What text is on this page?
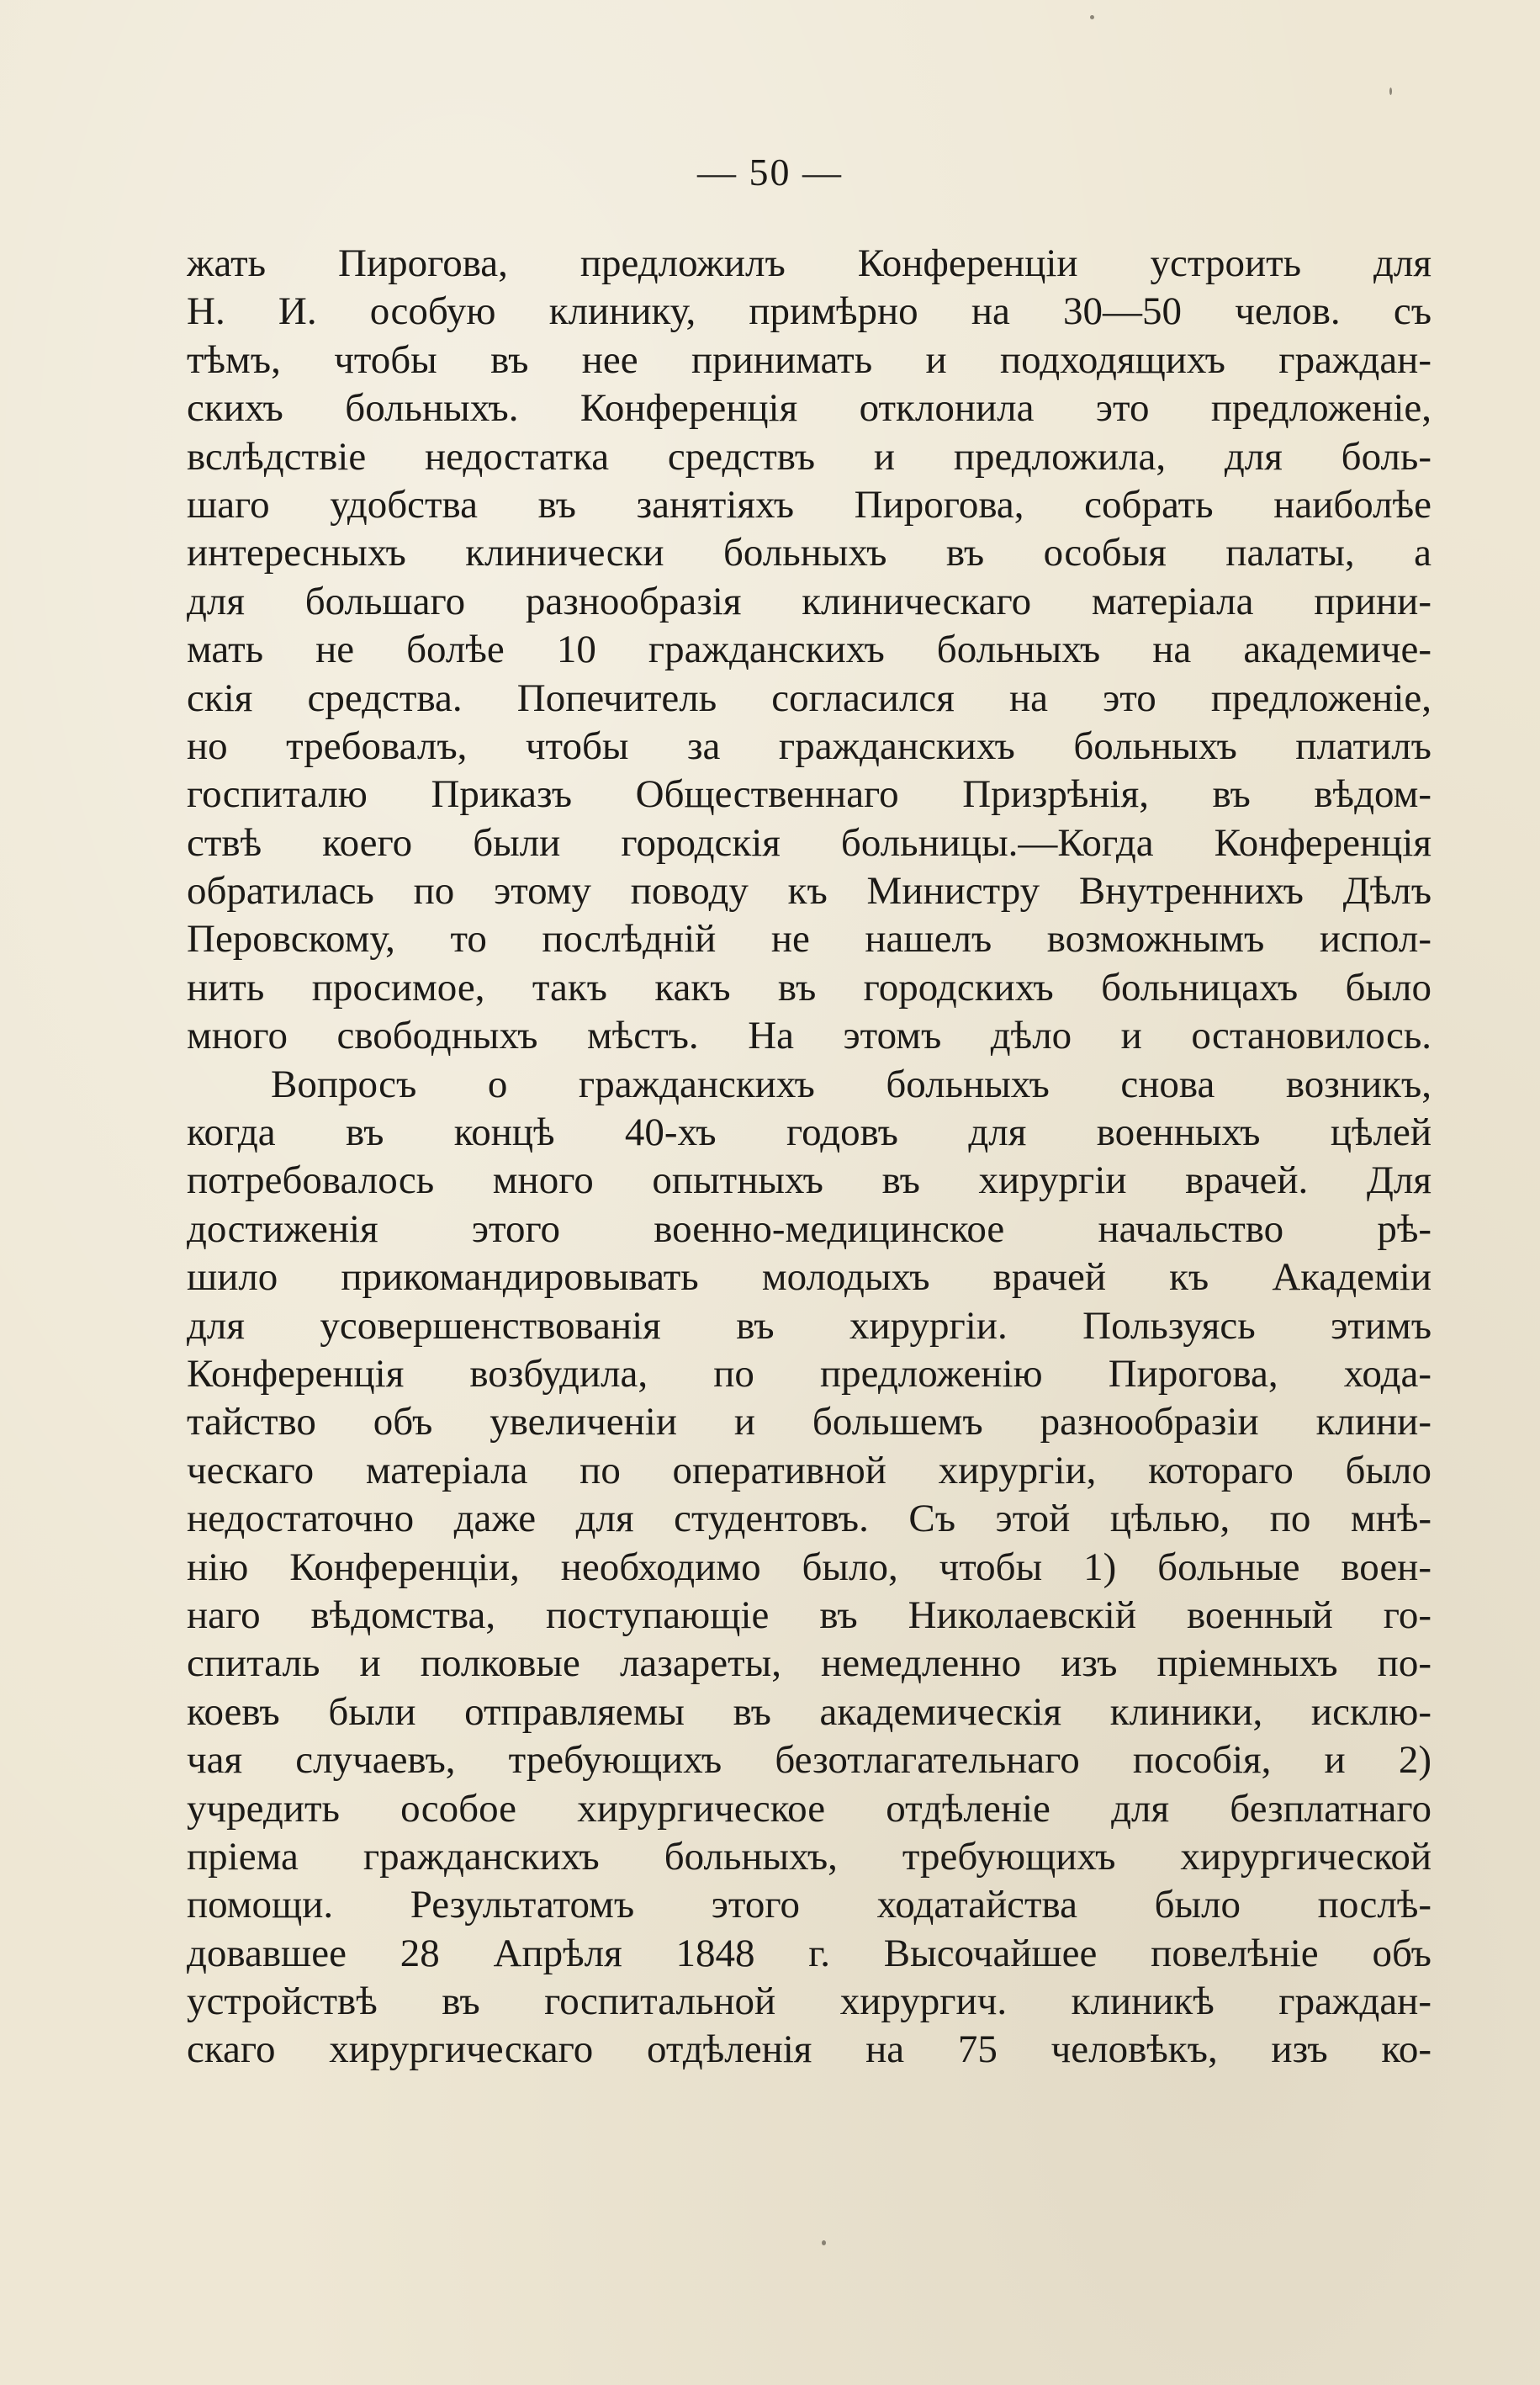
— 50 —
жать Пирогова, предложилъ Конференціи устроить для
Н. И. особую клинику, примѣрно на 30—50 челов. съ
тѣмъ, чтобы въ нее принимать и подходящихъ граждан-
скихъ больныхъ. Конференція отклонила это предложеніе,
вслѣдствіе недостатка средствъ и предложила, для боль-
шаго удобства въ занятіяхъ Пирогова, собрать наиболѣе
интересныхъ клинически больныхъ въ особыя палаты, а
для большаго разнообразія клиническаго матеріала прини-
мать не болѣе 10 гражданскихъ больныхъ на академиче-
скія средства. Попечитель согласился на это предложеніе,
но требовалъ, чтобы за гражданскихъ больныхъ платилъ
госпиталю Приказъ Общественнаго Призрѣнія, въ вѣдом-
ствѣ коего были городскія больницы.—Когда Конференція
обратилась по этому поводу къ Министру Внутреннихъ Дѣлъ
Перовскому, то послѣдній не нашелъ возможнымъ испол-
нить просимое, такъ какъ въ городскихъ больницахъ было
много свободныхъ мѣстъ. На этомъ дѣло и остановилось.
Вопросъ о гражданскихъ больныхъ снова возникъ,
когда въ концѣ 40-хъ годовъ для военныхъ цѣлей
потребовалось много опытныхъ въ хирургіи врачей. Для
достиженія этого военно-медицинское начальство рѣ-
шило прикомандировывать молодыхъ врачей къ Академіи
для усовершенствованія въ хирургіи. Пользуясь этимъ
Конференція возбудила, по предложенію Пирогова, хода-
тайство объ увеличеніи и большемъ разнообразіи клини-
ческаго матеріала по оперативной хирургіи, котораго было
недостаточно даже для студентовъ. Съ этой цѣлью, по мнѣ-
нію Конференціи, необходимо было, чтобы 1) больные воен-
наго вѣдомства, поступающіе въ Николаевскій военный го-
спиталь и полковые лазареты, немедленно изъ пріемныхъ по-
коевъ были отправляемы въ академическія клиники, исклю-
чая случаевъ, требующихъ безотлагательнаго пособія, и 2)
учредить особое хирургическое отдѣленіе для безплатнаго
пріема гражданскихъ больныхъ, требующихъ хирургической
помощи. Результатомъ этого ходатайства было послѣ-
довавшее 28 Апрѣля 1848 г. Высочайшее повелѣніе объ
устройствѣ въ госпитальной хирургич. клиникѣ граждан-
скаго хирургическаго отдѣленія на 75 человѣкъ, изъ ко-
